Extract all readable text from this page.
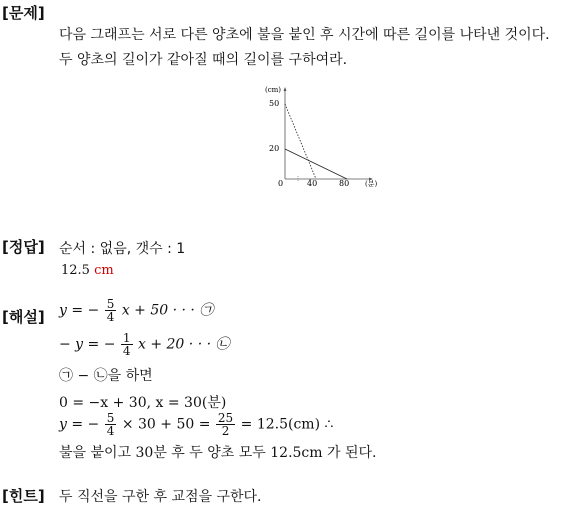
[문제]
다음 그래프는 서로 다른 양초에 불을 붙인 후 시간에 따른 길이를 나타낸 것이다.
두 양초의 길이가 같아질 때의 길이를 구하여라.
(cm)
50
20
0	40	80 (분)
[정답] 순서 : 없음, 갯수 : 1
12.5 cm
[해설] y = − $\frac{5}{4}$ x + 50 · · · ㉠
− y = − $\frac{1}{4}$ x + 20 · · · ㉡
㉠ − ㉡을 하면
0 = −x + 30, x = 30(분)
y = − $\frac{5}{4} \times 30 + 50 = \frac{25}{2} = 12.5(cm)$ ∴
불을 붙이고 30분 후 두 양초 모두 12.5cm 가 된다.
[힌트] 두 직선을 구한 후 교점을 구한다.
